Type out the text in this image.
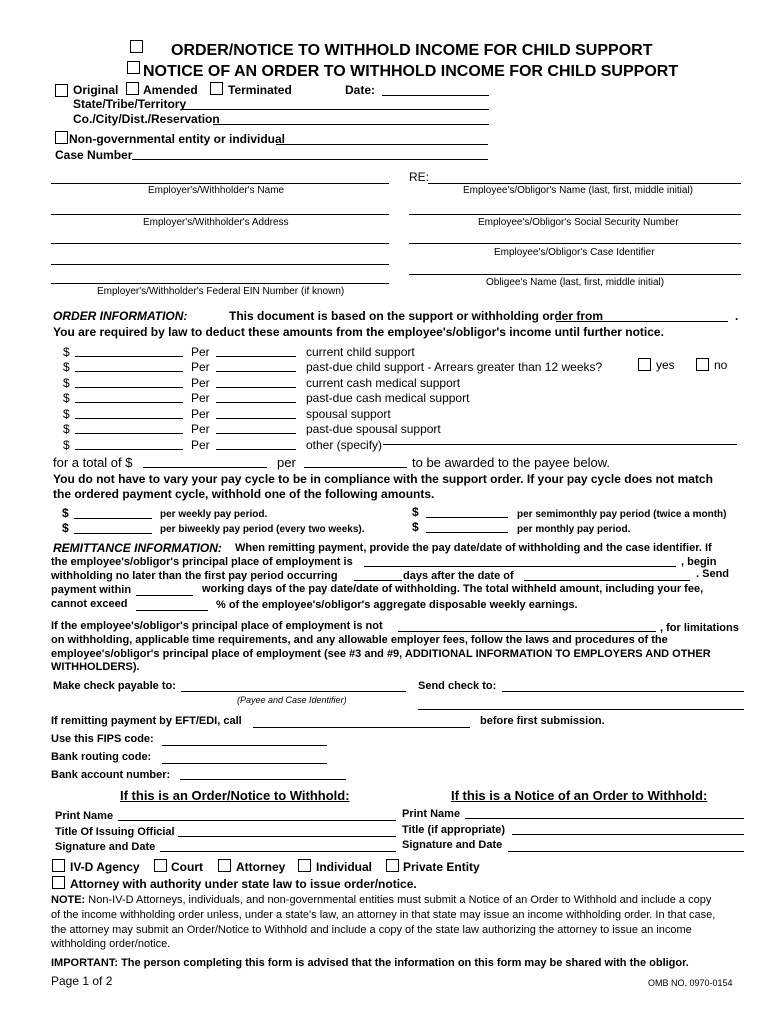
ORDER/NOTICE TO WITHHOLD INCOME FOR CHILD SUPPORT
NOTICE OF AN ORDER TO WITHHOLD INCOME FOR CHILD SUPPORT
Original Amended	Terminated	Date:
State/Tribe/Territory
Co./City/Dist./Reservation
Non-governmental entity or individual
Case Number
RE:
Employer's/Withholder's Name	Employee's/Obligor's Name (last, first, middle initial)
Employer's/Withholder's Address	Employee's/Obligor's Social Security Number
Employee's/Obligor's Case Identifier
Obligee's Name (last, first, middle initial)
Employer's/Withholder's Federal EIN Number (if known)
ORDER INFORMATION:	This document is based on the support or withholding order from	.
You are required by law to deduct these amounts from the employee's/obligor's income until further notice.
$	Per	current child support
$	Per	past-due child support - Arrears greater than 12 weeks?	yes	no
$	Per	current cash medical support
$	Per	past-due cash medical support
$	Per	spousal support
$	Per	past-due spousal support
$	Per	other (specify)
for a total of $	per	to be awarded to the payee below.
You do not have to vary your pay cycle to be in compliance with the support order. If your pay cycle does not match
the ordered payment cycle, withhold one of the following amounts.
$	per weekly pay period.	$	per semimonthly pay period (twice a month)
$	per biweekly pay period (every two weeks).	$	per monthly pay period.
REMITTANCE INFORMATION: When remitting payment, provide the pay date/date of withholding and the case identifier. If
the employee's/obligor's principal place of employment is	, begin
withholding no later than the first pay period occurring	days after the date of	. Send
payment within	working days of the pay date/date of withholding. The total withheld amount, including your fee,
cannot exceed	% of the employee's/obligor's aggregate disposable weekly earnings.
If the employee's/obligor's principal place of employment is not	, for limitations
on withholding, applicable time requirements, and any allowable employer fees, follow the laws and procedures of the
employee's/obligor's principal place of employment (see #3 and #9, ADDITIONAL INFORMATION TO EMPLOYERS AND OTHER
WITHHOLDERS).
Make check payable to:	Send check to:
(Payee and Case Identifier)
If remitting payment by EFT/EDI, call	before first submission.
Use this FIPS code:
Bank routing code:
Bank account number:
If this is an Order/Notice to Withhold:	If this is a Notice of an Order to Withhold:
Print Name	Print Name
Title Of Issuing Official	Title (if appropriate)
Signature and Date	Signature and Date
IV-D Agency	Court	Attorney	Individual	Private Entity
Attorney with authority under state law to issue order/notice.
NOTE: Non-IV-D Attorneys, individuals, and non-governmental entities must submit a Notice of an Order to Withhold and include a copy
of the income withholding order unless, under a state's law, an attorney in that state may issue an income withholding order. In that case,
the attorney may submit an Order/Notice to Withhold and include a copy of the state law authorizing the attorney to issue an income
withholding order/notice.
IMPORTANT: The person completing this form is advised that the information on this form may be shared with the obligor.
Page 1 of 2	OMB NO. 0970-0154
